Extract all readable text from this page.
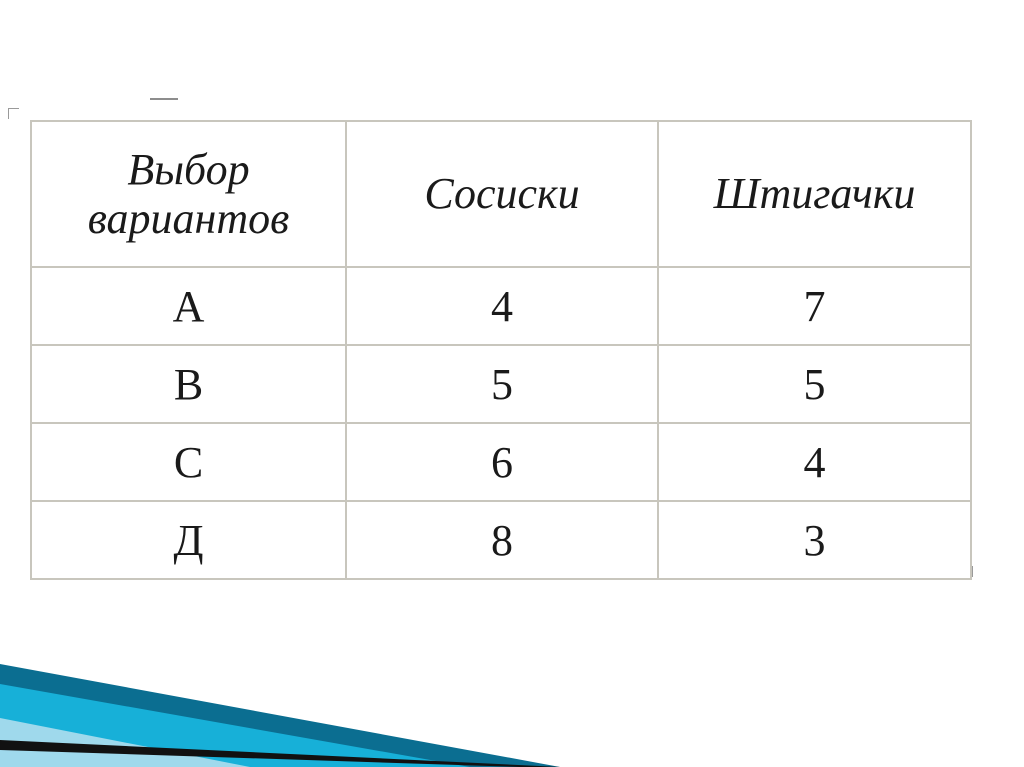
Выбор вариантов	Сосиски	Штигачки
А	4	7
В	5	5
С	6	4
Д	8	3
